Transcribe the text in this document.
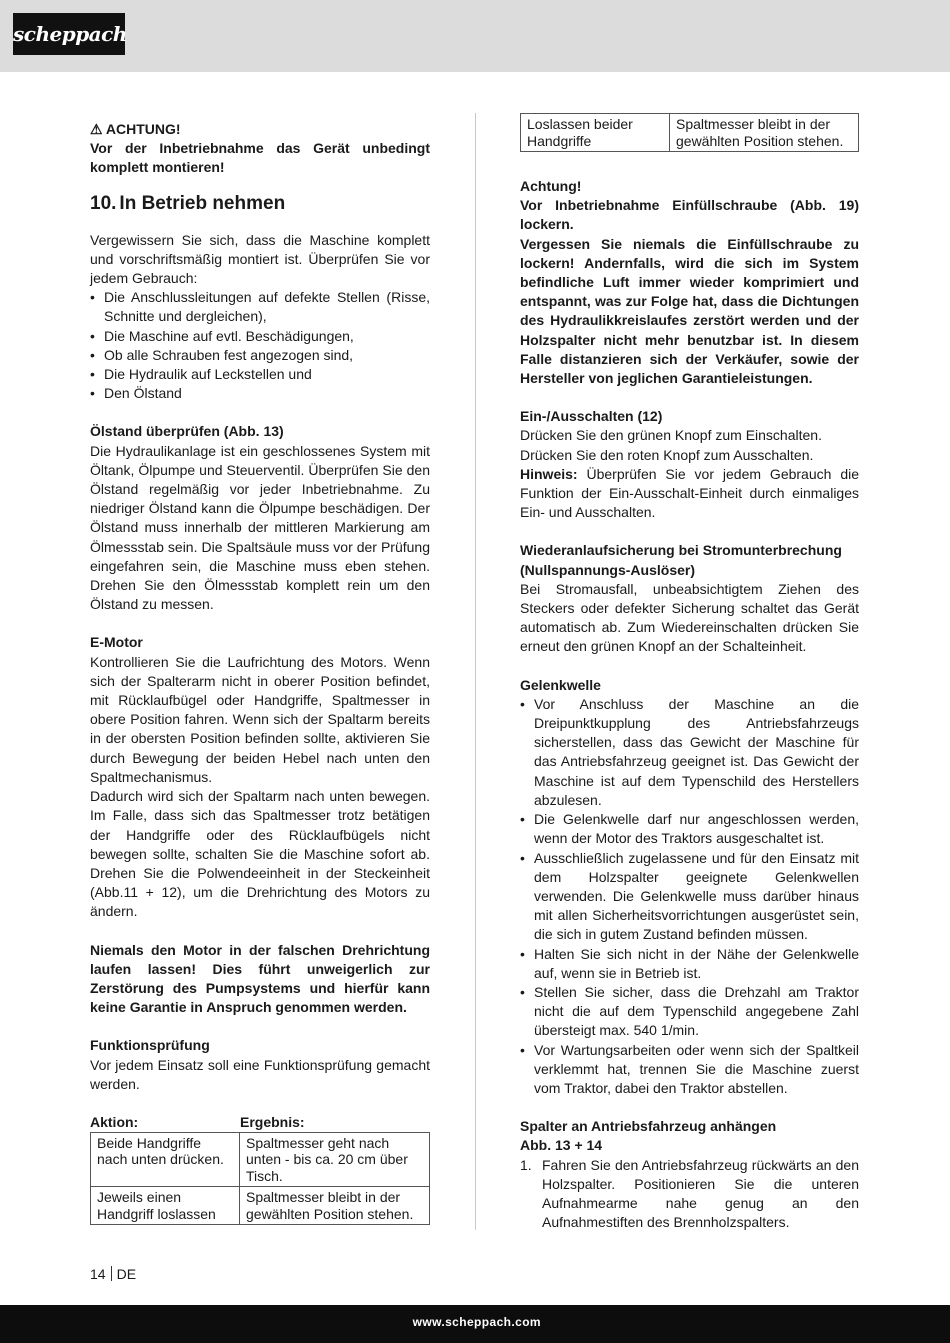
scheppach

⚠ ACHTUNG!

Vor der Inbetriebnahme das Gerät unbedingt komplett montieren!

10. In Betrieb nehmen

Vergewissern Sie sich, dass die Maschine komplett und vorschriftsmäßig montiert ist. Überprüfen Sie vor jedem Gebrauch:

• Die Anschlussleitungen auf defekte Stellen (Risse, Schnitte und dergleichen),
• Die Maschine auf evtl. Beschädigungen,
• Ob alle Schrauben fest angezogen sind,
• Die Hydraulik auf Leckstellen und
• Den Ölstand

Ölstand überprüfen (Abb. 13)

Die Hydraulikanlage ist ein geschlossenes System mit Öltank, Ölpumpe und Steuerventil. Überprüfen Sie den Ölstand regelmäßig vor jeder Inbetriebnahme. Zu niedriger Ölstand kann die Ölpumpe beschädigen. Der Ölstand muss innerhalb der mittleren Markierung am Ölmessstab sein. Die Spaltsäule muss vor der Prüfung eingefahren sein, die Maschine muss eben stehen. Drehen Sie den Ölmessstab komplett rein um den Ölstand zu messen.

E-Motor

Kontrollieren Sie die Laufrichtung des Motors. Wenn sich der Spalterarm nicht in oberer Position befindet, mit Rücklaufbügel oder Handgriffe, Spaltmesser in obere Position fahren. Wenn sich der Spaltarm bereits in der obersten Position befinden sollte, aktivieren Sie durch Bewegung der beiden Hebel nach unten den Spaltmechanismus.

Dadurch wird sich der Spaltarm nach unten bewegen. Im Falle, dass sich das Spaltmesser trotz betätigen der Handgriffe oder des Rücklaufbügels nicht bewegen sollte, schalten Sie die Maschine sofort ab. Drehen Sie die Polwendeeinheit in der Steckeinheit (Abb.11 + 12), um die Drehrichtung des Motors zu ändern.

Niemals den Motor in der falschen Drehrichtung laufen lassen! Dies führt unweigerlich zur Zerstörung des Pumpsystems und hierfür kann keine Garantie in Anspruch genommen werden.

Funktionsprüfung

Vor jedem Einsatz soll eine Funktionsprüfung gemacht werden.

Aktion:	Ergebnis:
Beide Handgriffe nach unten drücken.	Spaltmesser geht nach unten - bis ca. 20 cm über Tisch.
Jeweils einen Handgriff loslassen	Spaltmesser bleibt in der gewählten Position stehen.
Loslassen beider Handgriffe	Spaltmesser bleibt in der gewählten Position stehen.

Achtung!

Vor Inbetriebnahme Einfüllschraube (Abb. 19) lockern.

Vergessen Sie niemals die Einfüllschraube zu lockern! Andernfalls, wird die sich im System befindliche Luft immer wieder komprimiert und entspannt, was zur Folge hat, dass die Dichtungen des Hydraulikkreislaufes zerstört werden und der Holzspalter nicht mehr benutzbar ist. In diesem Falle distanzieren sich der Verkäufer, sowie der Hersteller von jeglichen Garantieleistungen.

Ein-/Ausschalten (12)

Drücken Sie den grünen Knopf zum Einschalten.

Drücken Sie den roten Knopf zum Ausschalten.

Hinweis: Überprüfen Sie vor jedem Gebrauch die Funktion der Ein-Ausschalt-Einheit durch einmaliges Ein- und Ausschalten.

Wiederanlaufsicherung bei Stromunterbrechung (Nullspannungs-Auslöser)

Bei Stromausfall, unbeabsichtigtem Ziehen des Steckers oder defekter Sicherung schaltet das Gerät automatisch ab. Zum Wiedereinschalten drücken Sie erneut den grünen Knopf an der Schalteinheit.

Gelenkwelle

• Vor Anschluss der Maschine an die Dreipunktkupplung des Antriebsfahrzeugs sicherstellen, dass das Gewicht der Maschine für das Antriebsfahrzeug geeignet ist. Das Gewicht der Maschine ist auf dem Typenschild des Herstellers abzulesen.
• Die Gelenkwelle darf nur angeschlossen werden, wenn der Motor des Traktors ausgeschaltet ist.
• Ausschließlich zugelassene und für den Einsatz mit dem Holzspalter geeignete Gelenkwellen verwenden. Die Gelenkwelle muss darüber hinaus mit allen Sicherheitsvorrichtungen ausgerüstet sein, die sich in gutem Zustand befinden müssen.
• Halten Sie sich nicht in der Nähe der Gelenkwelle auf, wenn sie in Betrieb ist.
• Stellen Sie sicher, dass die Drehzahl am Traktor nicht die auf dem Typenschild angegebene Zahl übersteigt max. 540 1/min.
• Vor Wartungsarbeiten oder wenn sich der Spaltkeil verklemmt hat, trennen Sie die Maschine zuerst vom Traktor, dabei den Traktor abstellen.

Spalter an Antriebsfahrzeug anhängen

Abb. 13 + 14

1. Fahren Sie den Antriebsfahrzeug rückwärts an den Holzspalter. Positionieren Sie die unteren Aufnahmearme nahe genug an den Aufnahmestiften des Brennholzspalters.
14 DE
www.scheppach.com
